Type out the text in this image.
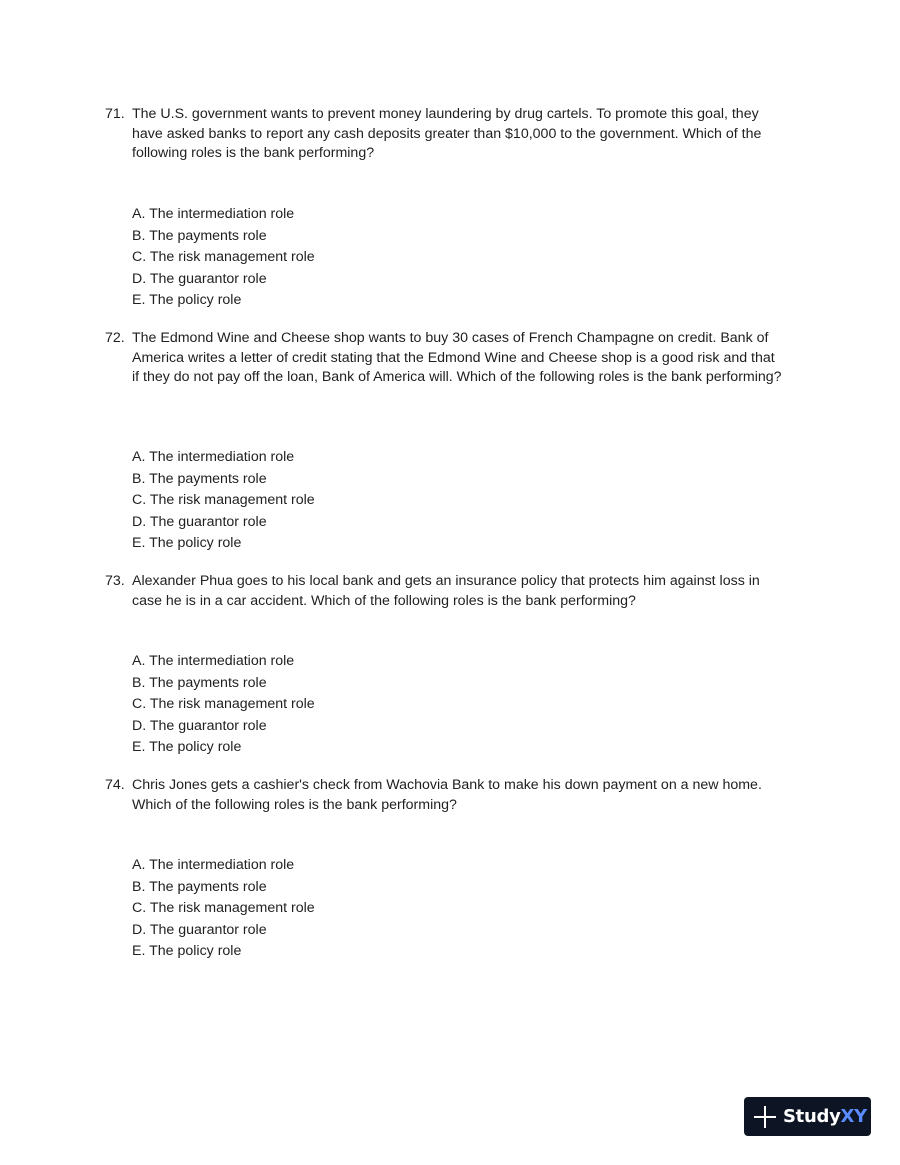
71. The U.S. government wants to prevent money laundering by drug cartels. To promote this goal, they have asked banks to report any cash deposits greater than $10,000 to the government. Which of the following roles is the bank performing?
A. The intermediation role
B. The payments role
C. The risk management role
D. The guarantor role
E. The policy role
72. The Edmond Wine and Cheese shop wants to buy 30 cases of French Champagne on credit. Bank of America writes a letter of credit stating that the Edmond Wine and Cheese shop is a good risk and that if they do not pay off the loan, Bank of America will. Which of the following roles is the bank performing?
A. The intermediation role
B. The payments role
C. The risk management role
D. The guarantor role
E. The policy role
73. Alexander Phua goes to his local bank and gets an insurance policy that protects him against loss in case he is in a car accident. Which of the following roles is the bank performing?
A. The intermediation role
B. The payments role
C. The risk management role
D. The guarantor role
E. The policy role
74. Chris Jones gets a cashier's check from Wachovia Bank to make his down payment on a new home. Which of the following roles is the bank performing?
A. The intermediation role
B. The payments role
C. The risk management role
D. The guarantor role
E. The policy role
StudyXY
